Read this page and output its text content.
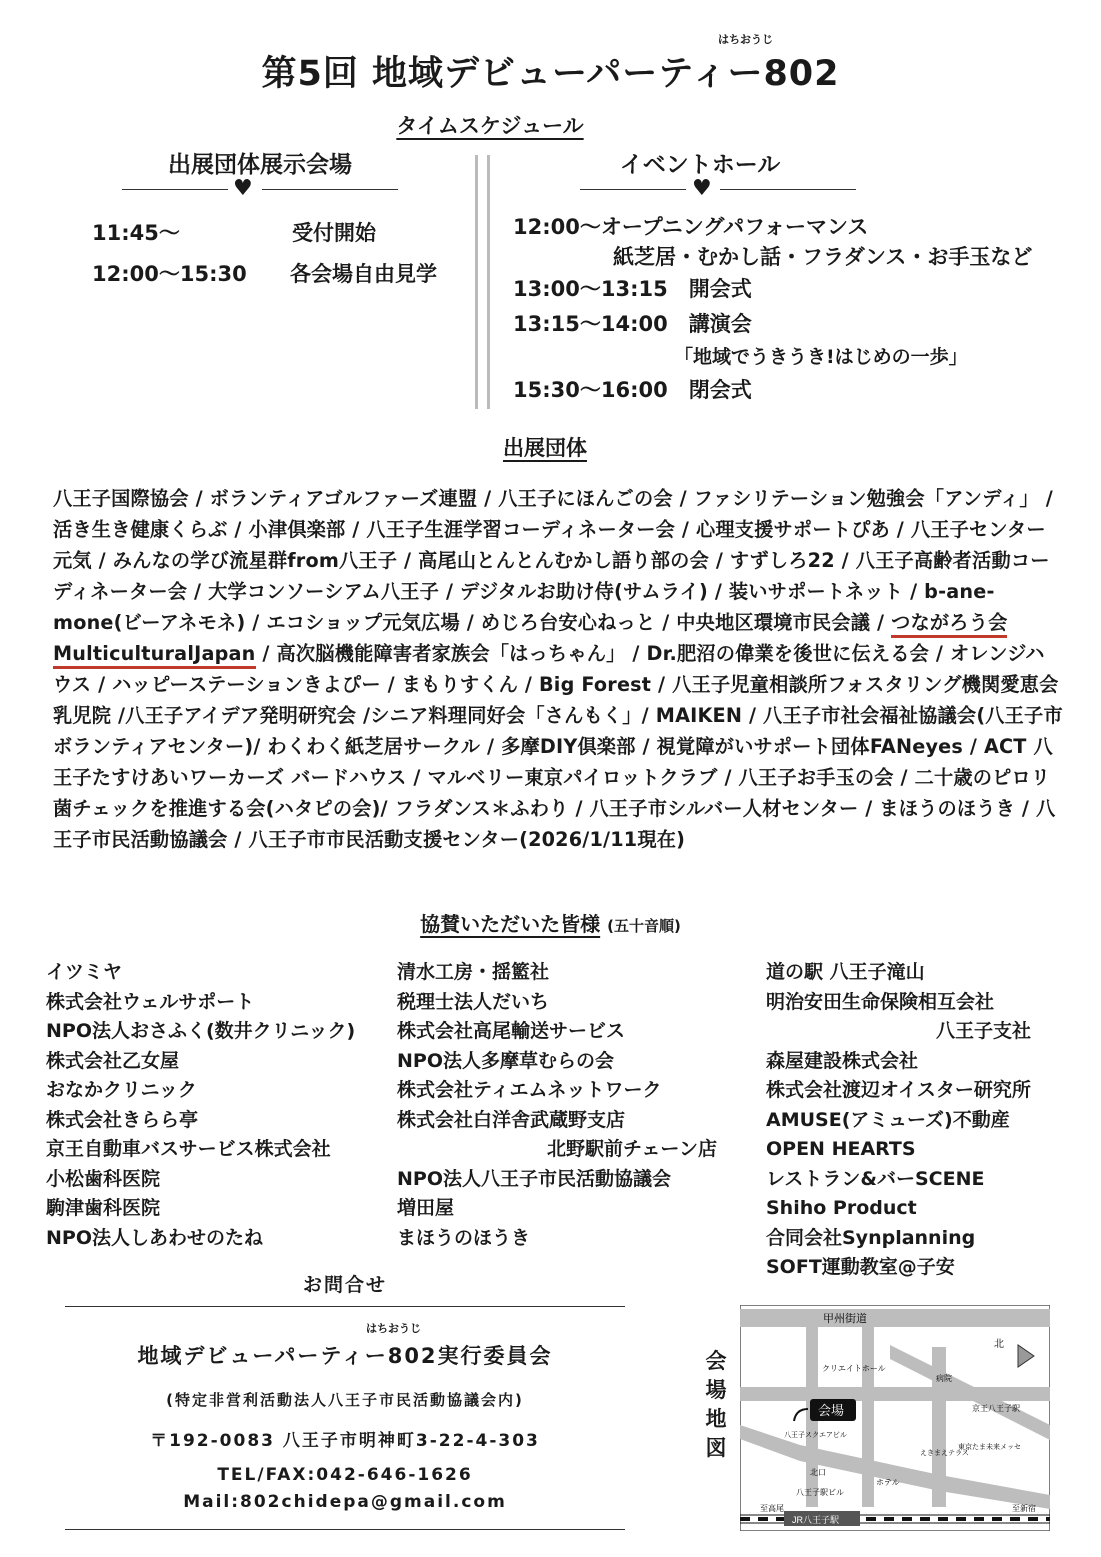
はちおうじ
第5回 地域デビューパーティー802
タイムスケジュール
出展団体展示会場
♥
11:45〜	受付開始
12:00〜15:30 各会場自由見学
イベントホール
♥
12:00〜オープニングパフォーマンス
紙芝居・むかし話・フラダンス・お手玉など
13:00〜13:15　開会式
13:15〜14:00　講演会
「地域でうきうき!はじめの一歩」
15:30〜16:00　閉会式
出展団体
八王子国際協会 / ボランティアゴルファーズ連盟 / 八王子にほんごの会 / ファシリテーション勉強会「アンディ」 / 活き生き健康くらぶ / 小津倶楽部 / 八王子生涯学習コーディネーター会 / 心理支援サポートぴあ / 八王子センター元気 / みんなの学び流星群from八王子 / 高尾山とんとんむかし語り部の会 / すずしろ22 / 八王子高齢者活動コーディネーター会 / 大学コンソーシアム八王子 / デジタルお助け侍(サムライ) / 装いサポートネット / b-ane-mone(ビーアネモネ) / エコショップ元気広場 / めじろ台安心ねっと / 中央地区環境市民会議 / つながろう会MulticulturalJapan / 高次脳機能障害者家族会「はっちゃん」 / Dr.肥沼の偉業を後世に伝える会 / オレンジハウス / ハッピーステーションきよぴー / まもりすくん / Big Forest / 八王子児童相談所フォスタリング機関愛恵会乳児院 /八王子アイデア発明研究会 /シニア料理同好会「さんもく」/ MAIKEN / 八王子市社会福祉協議会(八王子市ボランティアセンター)/ わくわく紙芝居サークル / 多摩DIY倶楽部 / 視覚障がいサポート団体FANeyes / ACT 八王子たすけあいワーカーズ バードハウス / マルベリー東京パイロットクラブ / 八王子お手玉の会 / 二十歳のピロリ菌チェックを推進する会(ハタピの会)/ フラダンス＊ふわり / 八王子市シルバー人材センター / まほうのほうき / 八王子市民活動協議会 / 八王子市市民活動支援センター(2026/1/11現在)
協賛いただいた皆様 (五十音順)
イツミヤ
株式会社ウェルサポート
NPO法人おさふく(数井クリニック)
株式会社乙女屋
おなかクリニック
株式会社きらら亭
京王自動車バスサービス株式会社
小松歯科医院
駒津歯科医院
NPO法人しあわせのたね
清水工房・揺籃社
税理士法人だいち
株式会社高尾輸送サービス
NPO法人多摩草むらの会
株式会社ティエムネットワーク
株式会社白洋舎武蔵野支店
北野駅前チェーン店
NPO法人八王子市民活動協議会
増田屋
まほうのほうき
道の駅 八王子滝山
明治安田生命保険相互会社
八王子支社
森屋建設株式会社
株式会社渡辺オイスター研究所
AMUSE(アミューズ)不動産
OPEN HEARTS
レストラン&バーSCENE
Shiho Product
合同会社Synplanning
SOFT運動教室@子安
お問合せ
はちおうじ
地域デビューパーティー802実行委員会
(特定非営利活動法人八王子市民活動協議会内)
〒192-0083 八王子市明神町3-22-4-303
TEL/FAX:042-646-1626
Mail:802chidepa@gmail.com
会場地図
甲州街道
北
クリエイトホール
病院
会場	京王八王子駅
八王子スクエアビル
えきまえテラス
東京たま未来メッセ
北口
ホテル
八王子駅ビル
至高尾	至新宿
JR八王子駅
